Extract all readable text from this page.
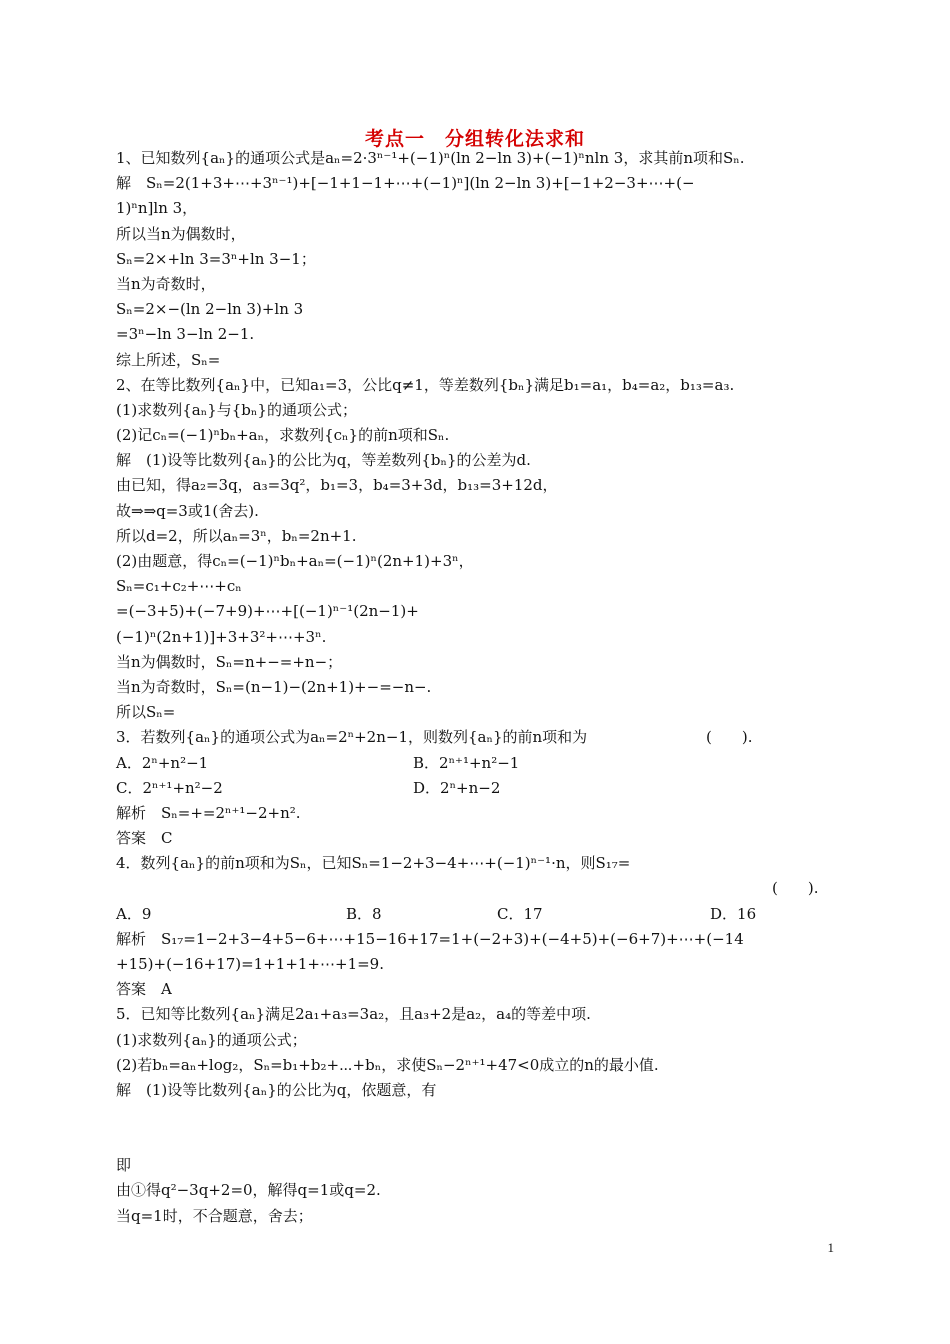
考点一　分组转化法求和

1、已知数列{aₙ}的通项公式是aₙ=2·3ⁿ⁻¹+(−1)ⁿ(ln 2−ln 3)+(−1)ⁿnln 3，求其前n项和Sₙ.

解　Sₙ=2(1+3+⋯+3ⁿ⁻¹)+[−1+1−1+⋯+(−1)ⁿ](ln 2−ln 3)+[−1+2−3+⋯+(−

1)ⁿn]ln 3，

所以当n为偶数时，

Sₙ=2×+ln 3=3ⁿ+ln 3−1；

当n为奇数时，

Sₙ=2×−(ln 2−ln 3)+ln 3

=3ⁿ−ln 3−ln 2−1.

综上所述，Sₙ=

2、在等比数列{aₙ}中，已知a₁=3，公比q≠1，等差数列{bₙ}满足b₁=a₁，b₄=a₂，b₁₃=a₃.

(1)求数列{aₙ}与{bₙ}的通项公式；

(2)记cₙ=(−1)ⁿbₙ+aₙ，求数列{cₙ}的前n项和Sₙ.

解　(1)设等比数列{aₙ}的公比为q，等差数列{bₙ}的公差为d.

由已知，得a₂=3q，a₃=3q²，b₁=3，b₄=3+3d，b₁₃=3+12d，

故⇒⇒q=3或1(舍去).

所以d=2，所以aₙ=3ⁿ，bₙ=2n+1.

(2)由题意，得cₙ=(−1)ⁿbₙ+aₙ=(−1)ⁿ(2n+1)+3ⁿ，

Sₙ=c₁+c₂+⋯+cₙ

=(−3+5)+(−7+9)+⋯+[(−1)ⁿ⁻¹(2n−1)+

(−1)ⁿ(2n+1)]+3+3²+⋯+3ⁿ.

当n为偶数时，Sₙ=n+−=+n−；

当n为奇数时，Sₙ=(n−1)−(2n+1)+−=−n−.

所以Sₙ=

3．若数列{aₙ}的通项公式为aₙ=2ⁿ+2n−1，则数列{aₙ}的前n项和为	(　　).
A．2ⁿ+n²−1	B．2ⁿ⁺¹+n²−1
C．2ⁿ⁺¹+n²−2	D．2ⁿ+n−2

解析　Sₙ=+=2ⁿ⁺¹−2+n².

答案　C

4．数列{aₙ}的前n项和为Sₙ，已知Sₙ=1−2+3−4+⋯+(−1)ⁿ⁻¹·n，则S₁₇=

(　　).
A．9	B．8	C．17	D．16

解析　S₁₇=1−2+3−4+5−6+⋯+15−16+17=1+(−2+3)+(−4+5)+(−6+7)+⋯+(−14

+15)+(−16+17)=1+1+1+⋯+1=9.

答案　A

5．已知等比数列{aₙ}满足2a₁+a₃=3a₂，且a₃+2是a₂，a₄的等差中项.

(1)求数列{aₙ}的通项公式；

(2)若bₙ=aₙ+log₂，Sₙ=b₁+b₂+⋯+bₙ，求使Sₙ−2ⁿ⁺¹+47<0成立的n的最小值.

解　(1)设等比数列{aₙ}的公比为q，依题意，有

即

由①得q²−3q+2=0，解得q=1或q=2.

当q=1时，不合题意，舍去；

1
